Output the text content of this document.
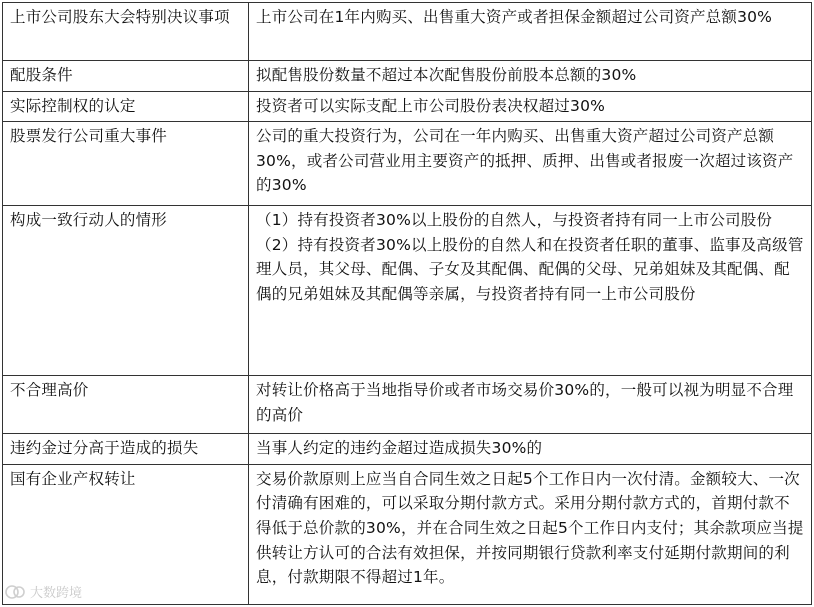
上市公司股东大会特别决议事项	上市公司在1年内购买、出售重大资产或者担保金额超过公司资产总额30%
配股条件	拟配售股份数量不超过本次配售股份前股本总额的30%
实际控制权的认定	投资者可以实际支配上市公司股份表决权超过30%
股票发行公司重大事件	公司的重大投资行为，公司在一年内购买、出售重大资产超过公司资产总额30%，或者公司营业用主要资产的抵押、质押、出售或者报废一次超过该资产的30%
构成一致行动人的情形	（1）持有投资者30%以上股份的自然人，与投资者持有同一上市公司股份
（2）持有投资者30%以上股份的自然人和在投资者任职的董事、监事及高级管理人员，其父母、配偶、子女及其配偶、配偶的父母、兄弟姐妹及其配偶、配偶的兄弟姐妹及其配偶等亲属，与投资者持有同一上市公司股份

不合理高价	对转让价格高于当地指导价或者市场交易价30%的，一般可以视为明显不合理的高价
违约金过分高于造成的损失	当事人约定的违约金超过造成损失30%的
国有企业产权转让	交易价款原则上应当自合同生效之日起5个工作日内一次付清。金额较大、一次付清确有困难的，可以采取分期付款方式。采用分期付款方式的，首期付款不得低于总价款的30%，并在合同生效之日起5个工作日内支付；其余款项应当提供转让方认可的合法有效担保，并按同期银行贷款利率支付延期付款期间的利息，付款期限不得超过1年。
大数跨境
